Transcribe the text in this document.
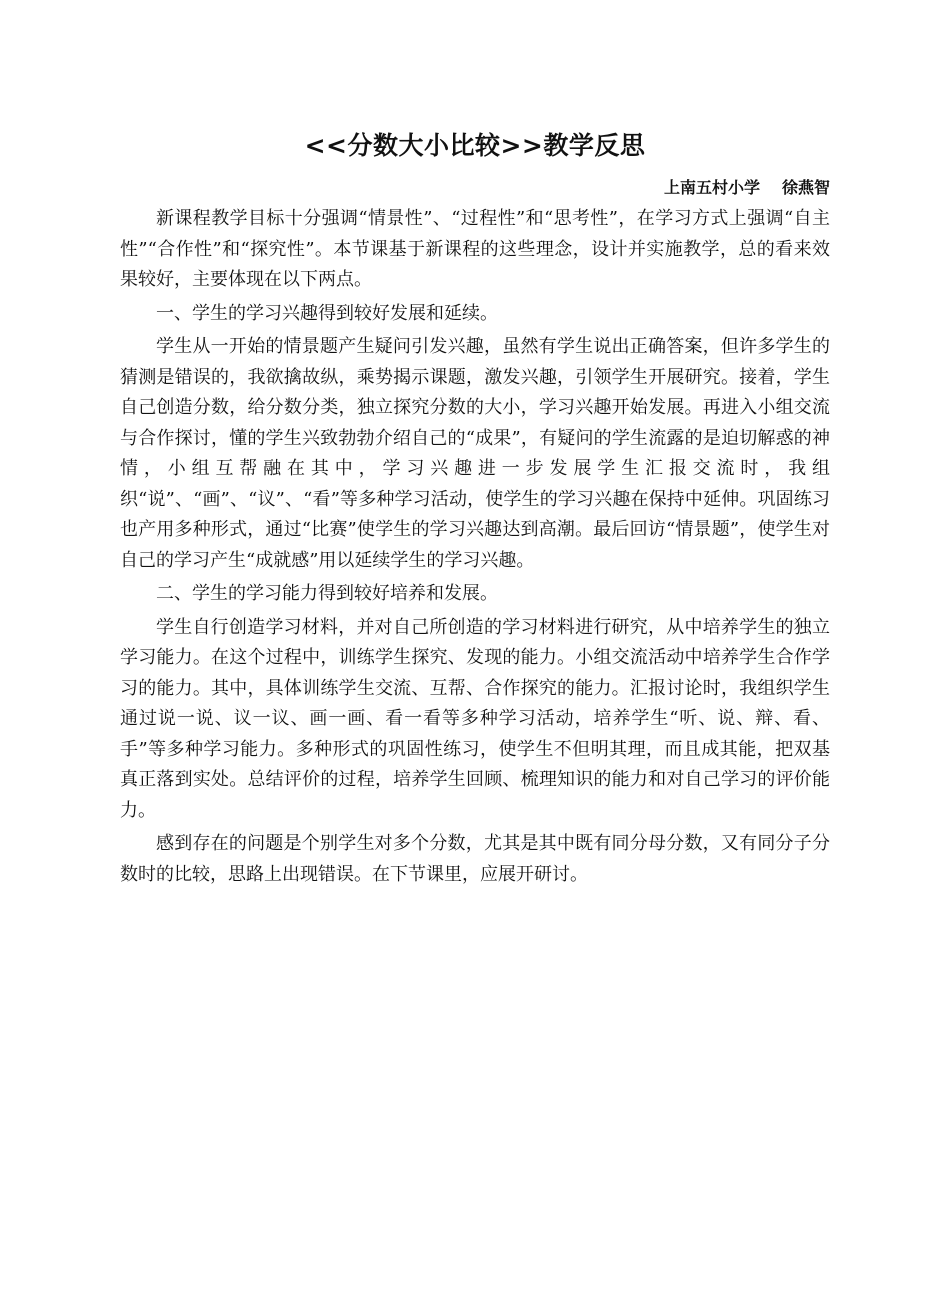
<<分数大小比较>>教学反思
上南五村小学 徐燕智

新课程教学目标十分强调“情景性”、“过程性”和“思考性”，在学习方式上强调“自主性”“合作性”和“探究性”。本节课基于新课程的这些理念，设计并实施教学，总的看来效果较好，主要体现在以下两点。

一、学生的学习兴趣得到较好发展和延续。

学生从一开始的情景题产生疑问引发兴趣，虽然有学生说出正确答案，但许多学生的猜测是错误的，我欲擒故纵，乘势揭示课题，激发兴趣，引领学生开展研究。接着，学生自己创造分数，给分数分类，独立探究分数的大小，学习兴趣开始发展。再进入小组交流与合作探讨，懂的学生兴致勃勃介绍自己的“成果”，有疑问的学生流露的是迫切解惑的神情，小组互帮融在其中，学习兴趣进一步发展学生汇报交流时，我组织“说”、“画”、“议”、“看”等多种学习活动，使学生的学习兴趣在保持中延伸。巩固练习也产用多种形式，通过“比赛”使学生的学习兴趣达到高潮。最后回访“情景题”，使学生对自己的学习产生“成就感”用以延续学生的学习兴趣。

二、学生的学习能力得到较好培养和发展。

学生自行创造学习材料，并对自己所创造的学习材料进行研究，从中培养学生的独立学习能力。在这个过程中，训练学生探究、发现的能力。小组交流活动中培养学生合作学习的能力。其中，具体训练学生交流、互帮、合作探究的能力。汇报讨论时，我组织学生通过说一说、议一议、画一画、看一看等多种学习活动，培养学生“听、说、辩、看、手”等多种学习能力。多种形式的巩固性练习，使学生不但明其理，而且成其能，把双基真正落到实处。总结评价的过程，培养学生回顾、梳理知识的能力和对自己学习的评价能力。

感到存在的问题是个别学生对多个分数，尤其是其中既有同分母分数，又有同分子分数时的比较，思路上出现错误。在下节课里，应展开研讨。
